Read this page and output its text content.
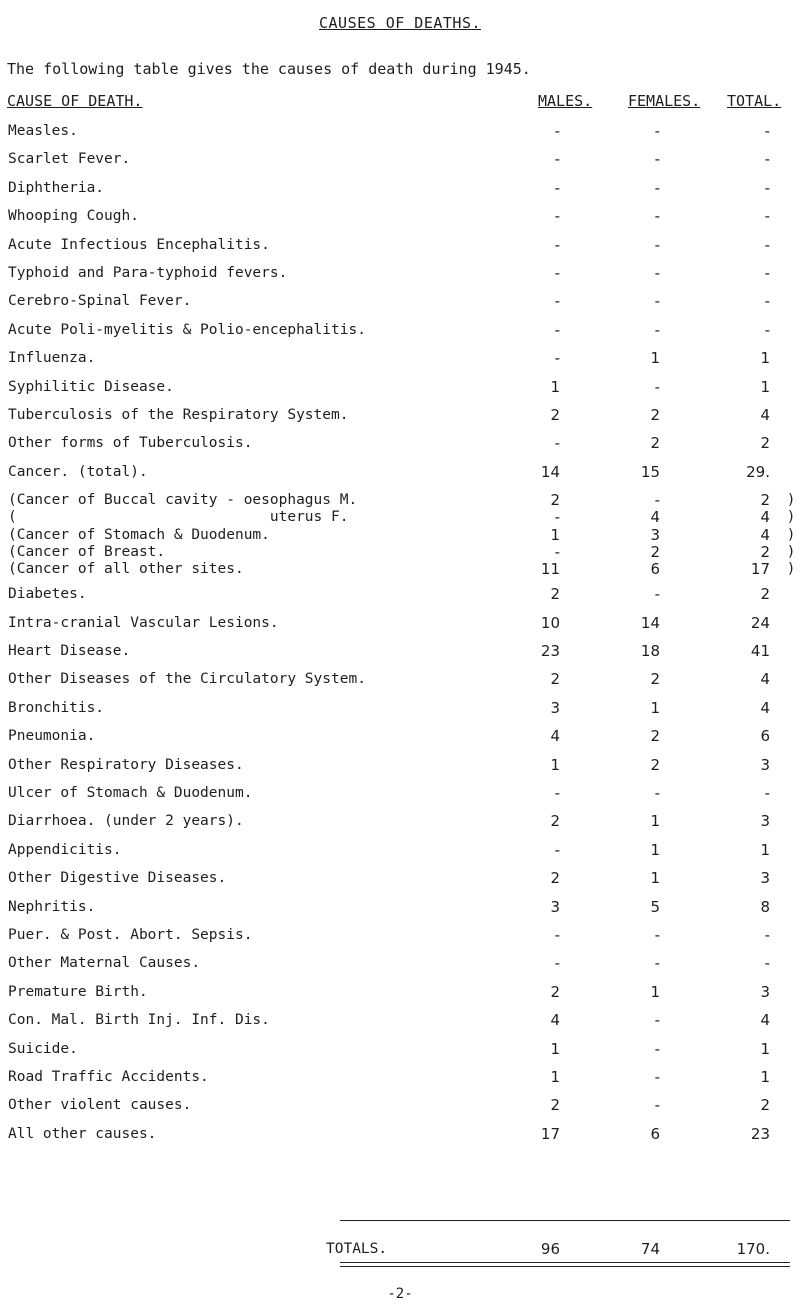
CAUSES OF DEATHS.
The following table gives the causes of death during 1945.
CAUSE OF DEATH.	MALES. FEMALES. TOTAL.
Measles.	-	-	-
Scarlet Fever.	-	-	-
Diphtheria.	-	-	-
Whooping Cough.	-	-	-
Acute Infectious Encephalitis.	-	-	-
Typhoid and Para-typhoid fevers.	-	-	-
Cerebro-Spinal Fever.	-	-	-
Acute Poli-myelitis & Polio-encephalitis.	-	-	-
Influenza.	-	1	1
Syphilitic Disease.	1	-	1
Tuberculosis of the Respiratory System.	2	2	4
Other forms of Tuberculosis.	-	2	2
Cancer. (total).	14	15	29.
(Cancer of Buccal cavity - oesophagus M.	2	-	2 )
(                             uterus F.	-	4	4 )
(Cancer of Stomach & Duodenum.	1	3	4 )
(Cancer of Breast.	-	2	2 )
(Cancer of all other sites.	11	6	17 )
Diabetes.	2	-	2
Intra-cranial Vascular Lesions.	10	14	24
Heart Disease.	23	18	41
Other Diseases of the Circulatory System.	2	2	4
Bronchitis.	3	1	4
Pneumonia.	4	2	6
Other Respiratory Diseases.	1	2	3
Ulcer of Stomach & Duodenum.	-	-	-
Diarrhoea. (under 2 years).	2	1	3
Appendicitis.	-	1	1
Other Digestive Diseases.	2	1	3
Nephritis.	3	5	8
Puer. & Post. Abort. Sepsis.	-	-	-
Other Maternal Causes.	-	-	-
Premature Birth.	2	1	3
Con. Mal. Birth Inj. Inf. Dis.	4	-	4
Suicide.	1	-	1
Road Traffic Accidents.	1	-	1
Other violent causes.	2	-	2
All other causes.	17	6	23
TOTALS.	96	74	170.
-2-
